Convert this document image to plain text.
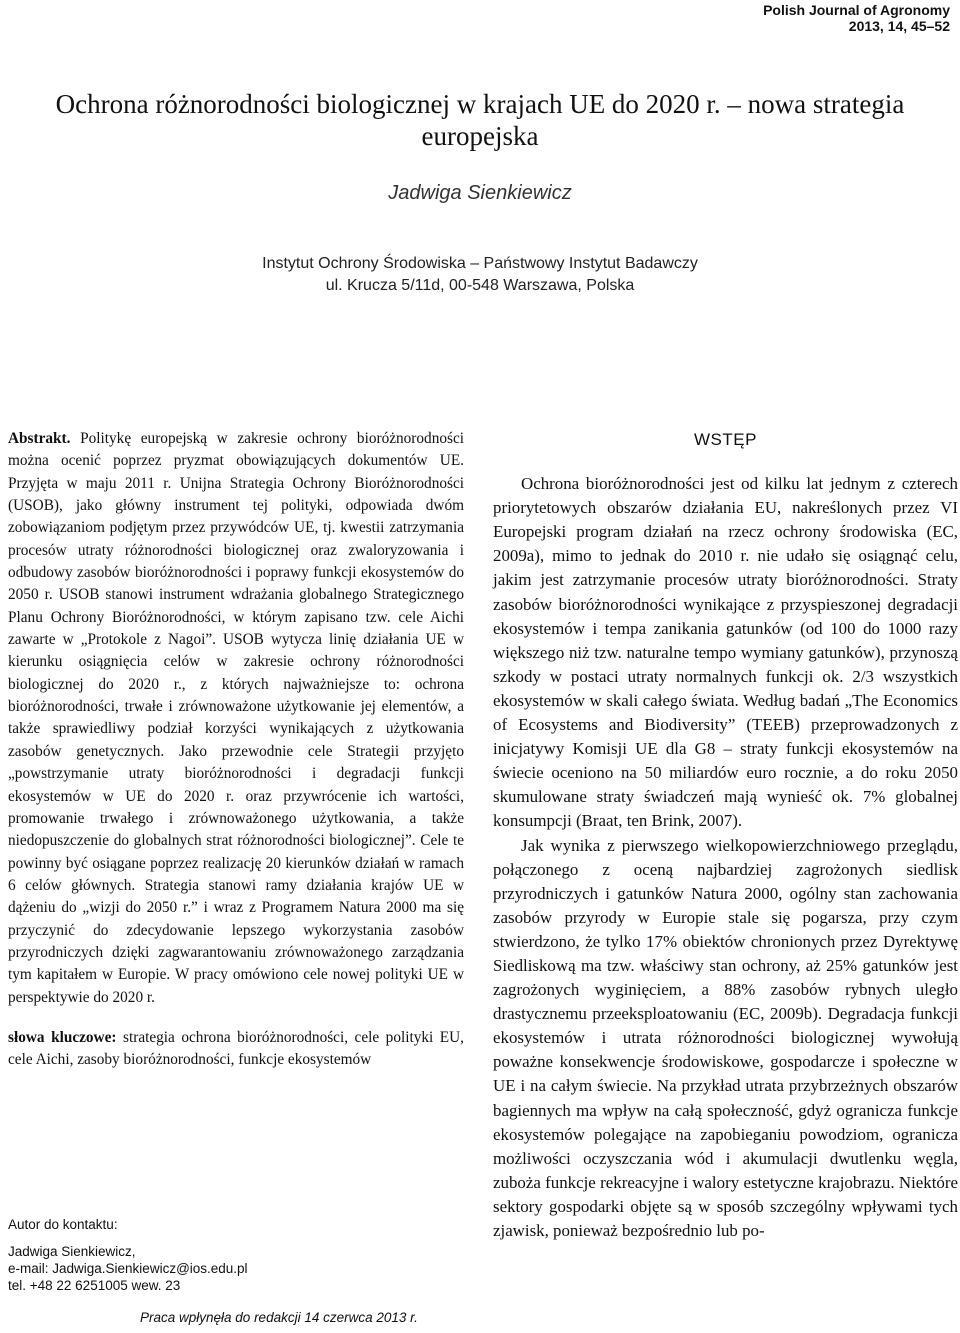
Polish Journal of Agronomy
2013, 14, 45–52
Ochrona różnorodności biologicznej w krajach UE do 2020 r. – nowa strategia europejska
Jadwiga Sienkiewicz
Instytut Ochrony Środowiska – Państwowy Instytut Badawczy
ul. Krucza 5/11d, 00-548 Warszawa, Polska

Abstrakt. Politykę europejską w zakresie ochrony bioróżnorodności można ocenić poprzez pryzmat obowiązujących dokumentów UE. Przyjęta w maju 2011 r. Unijna Strategia Ochrony Bioróżnorodności (USOB), jako główny instrument tej polityki, odpowiada dwóm zobowiązaniom podjętym przez przywódców UE, tj. kwestii zatrzymania procesów utraty różnorodności biologicznej oraz zwaloryzowania i odbudowy zasobów bioróżnorodności i poprawy funkcji ekosystemów do 2050 r. USOB stanowi instrument wdrażania globalnego Strategicznego Planu Ochrony Bioróżnorodności, w którym zapisano tzw. cele Aichi zawarte w „Protokole z Nagoi”. USOB wytycza linię działania UE w kierunku osiągnięcia celów w zakresie ochrony różnorodności biologicznej do 2020 r., z których najważniejsze to: ochrona bioróżnorodności, trwałe i zrównoważone użytkowanie jej elementów, a także sprawiedliwy podział korzyści wynikających z użytkowania zasobów genetycznych. Jako przewodnie cele Strategii przyjęto „powstrzymanie utraty bioróżnorodności i degradacji funkcji ekosystemów w UE do 2020 r. oraz przywrócenie ich wartości, promowanie trwałego i zrównoważonego użytkowania, a także niedopuszczenie do globalnych strat różnorodności biologicznej”. Cele te powinny być osiągane poprzez realizację 20 kierunków działań w ramach 6 celów głównych. Strategia stanowi ramy działania krajów UE w dążeniu do „wizji do 2050 r.” i wraz z Programem Natura 2000 ma się przyczynić do zdecydowanie lepszego wykorzystania zasobów przyrodniczych dzięki zagwarantowaniu zrównoważonego zarządzania tym kapitałem w Europie. W pracy omówiono cele nowej polityki UE w perspektywie do 2020 r.

słowa kluczowe: strategia ochrona bioróżnorodności, cele polityki EU, cele Aichi, zasoby bioróżnorodności, funkcje ekosystemów

WSTĘP

Ochrona bioróżnorodności jest od kilku lat jednym z czterech priorytetowych obszarów działania EU, nakreślonych przez VI Europejski program działań na rzecz ochrony środowiska (EC, 2009a), mimo to jednak do 2010 r. nie udało się osiągnąć celu, jakim jest zatrzymanie procesów utraty bioróżnorodności. Straty zasobów bioróżnorodności wynikające z przyspieszonej degradacji ekosystemów i tempa zanikania gatunków (od 100 do 1000 razy większego niż tzw. naturalne tempo wymiany gatunków), przynoszą szkody w postaci utraty normalnych funkcji ok. 2/3 wszystkich ekosystemów w skali całego świata. Według badań „The Economics of Ecosystems and Biodiversity” (TEEB) przeprowadzonych z inicjatywy Komisji UE dla G8 – straty funkcji ekosystemów na świecie oceniono na 50 miliardów euro rocznie, a do roku 2050 skumulowane straty świadczeń mają wynieść ok. 7% globalnej konsumpcji (Braat, ten Brink, 2007).

Jak wynika z pierwszego wielkopowierzchniowego przeglądu, połączonego z oceną najbardziej zagrożonych siedlisk przyrodniczych i gatunków Natura 2000, ogólny stan zachowania zasobów przyrody w Europie stale się pogarsza, przy czym stwierdzono, że tylko 17% obiektów chronionych przez Dyrektywę Siedliskową ma tzw. właściwy stan ochrony, aż 25% gatunków jest zagrożonych wyginięciem, a 88% zasobów rybnych uległo drastycznemu przeeksploatowaniu (EC, 2009b). Degradacja funkcji ekosystemów i utrata różnorodności biologicznej wywołują poważne konsekwencje środowiskowe, gospodarcze i społeczne w UE i na całym świecie. Na przykład utrata przybrzeżnych obszarów bagiennych ma wpływ na całą społeczność, gdyż ogranicza funkcje ekosystemów polegające na zapobieganiu powodziom, ogranicza możliwości oczyszczania wód i akumulacji dwutlenku węgla, zuboża funkcje rekreacyjne i walory estetyczne krajobrazu. Niektóre sektory gospodarki objęte są w sposób szczególny wpływami tych zjawisk, ponieważ bezpośrednio lub po-

Autor do kontaktu:

Jadwiga Sienkiewicz,

e-mail: Jadwiga.Sienkiewicz@ios.edu.pl

tel. +48 22 6251005 wew. 23

Praca wpłynęła do redakcji 14 czerwca 2013 r.
